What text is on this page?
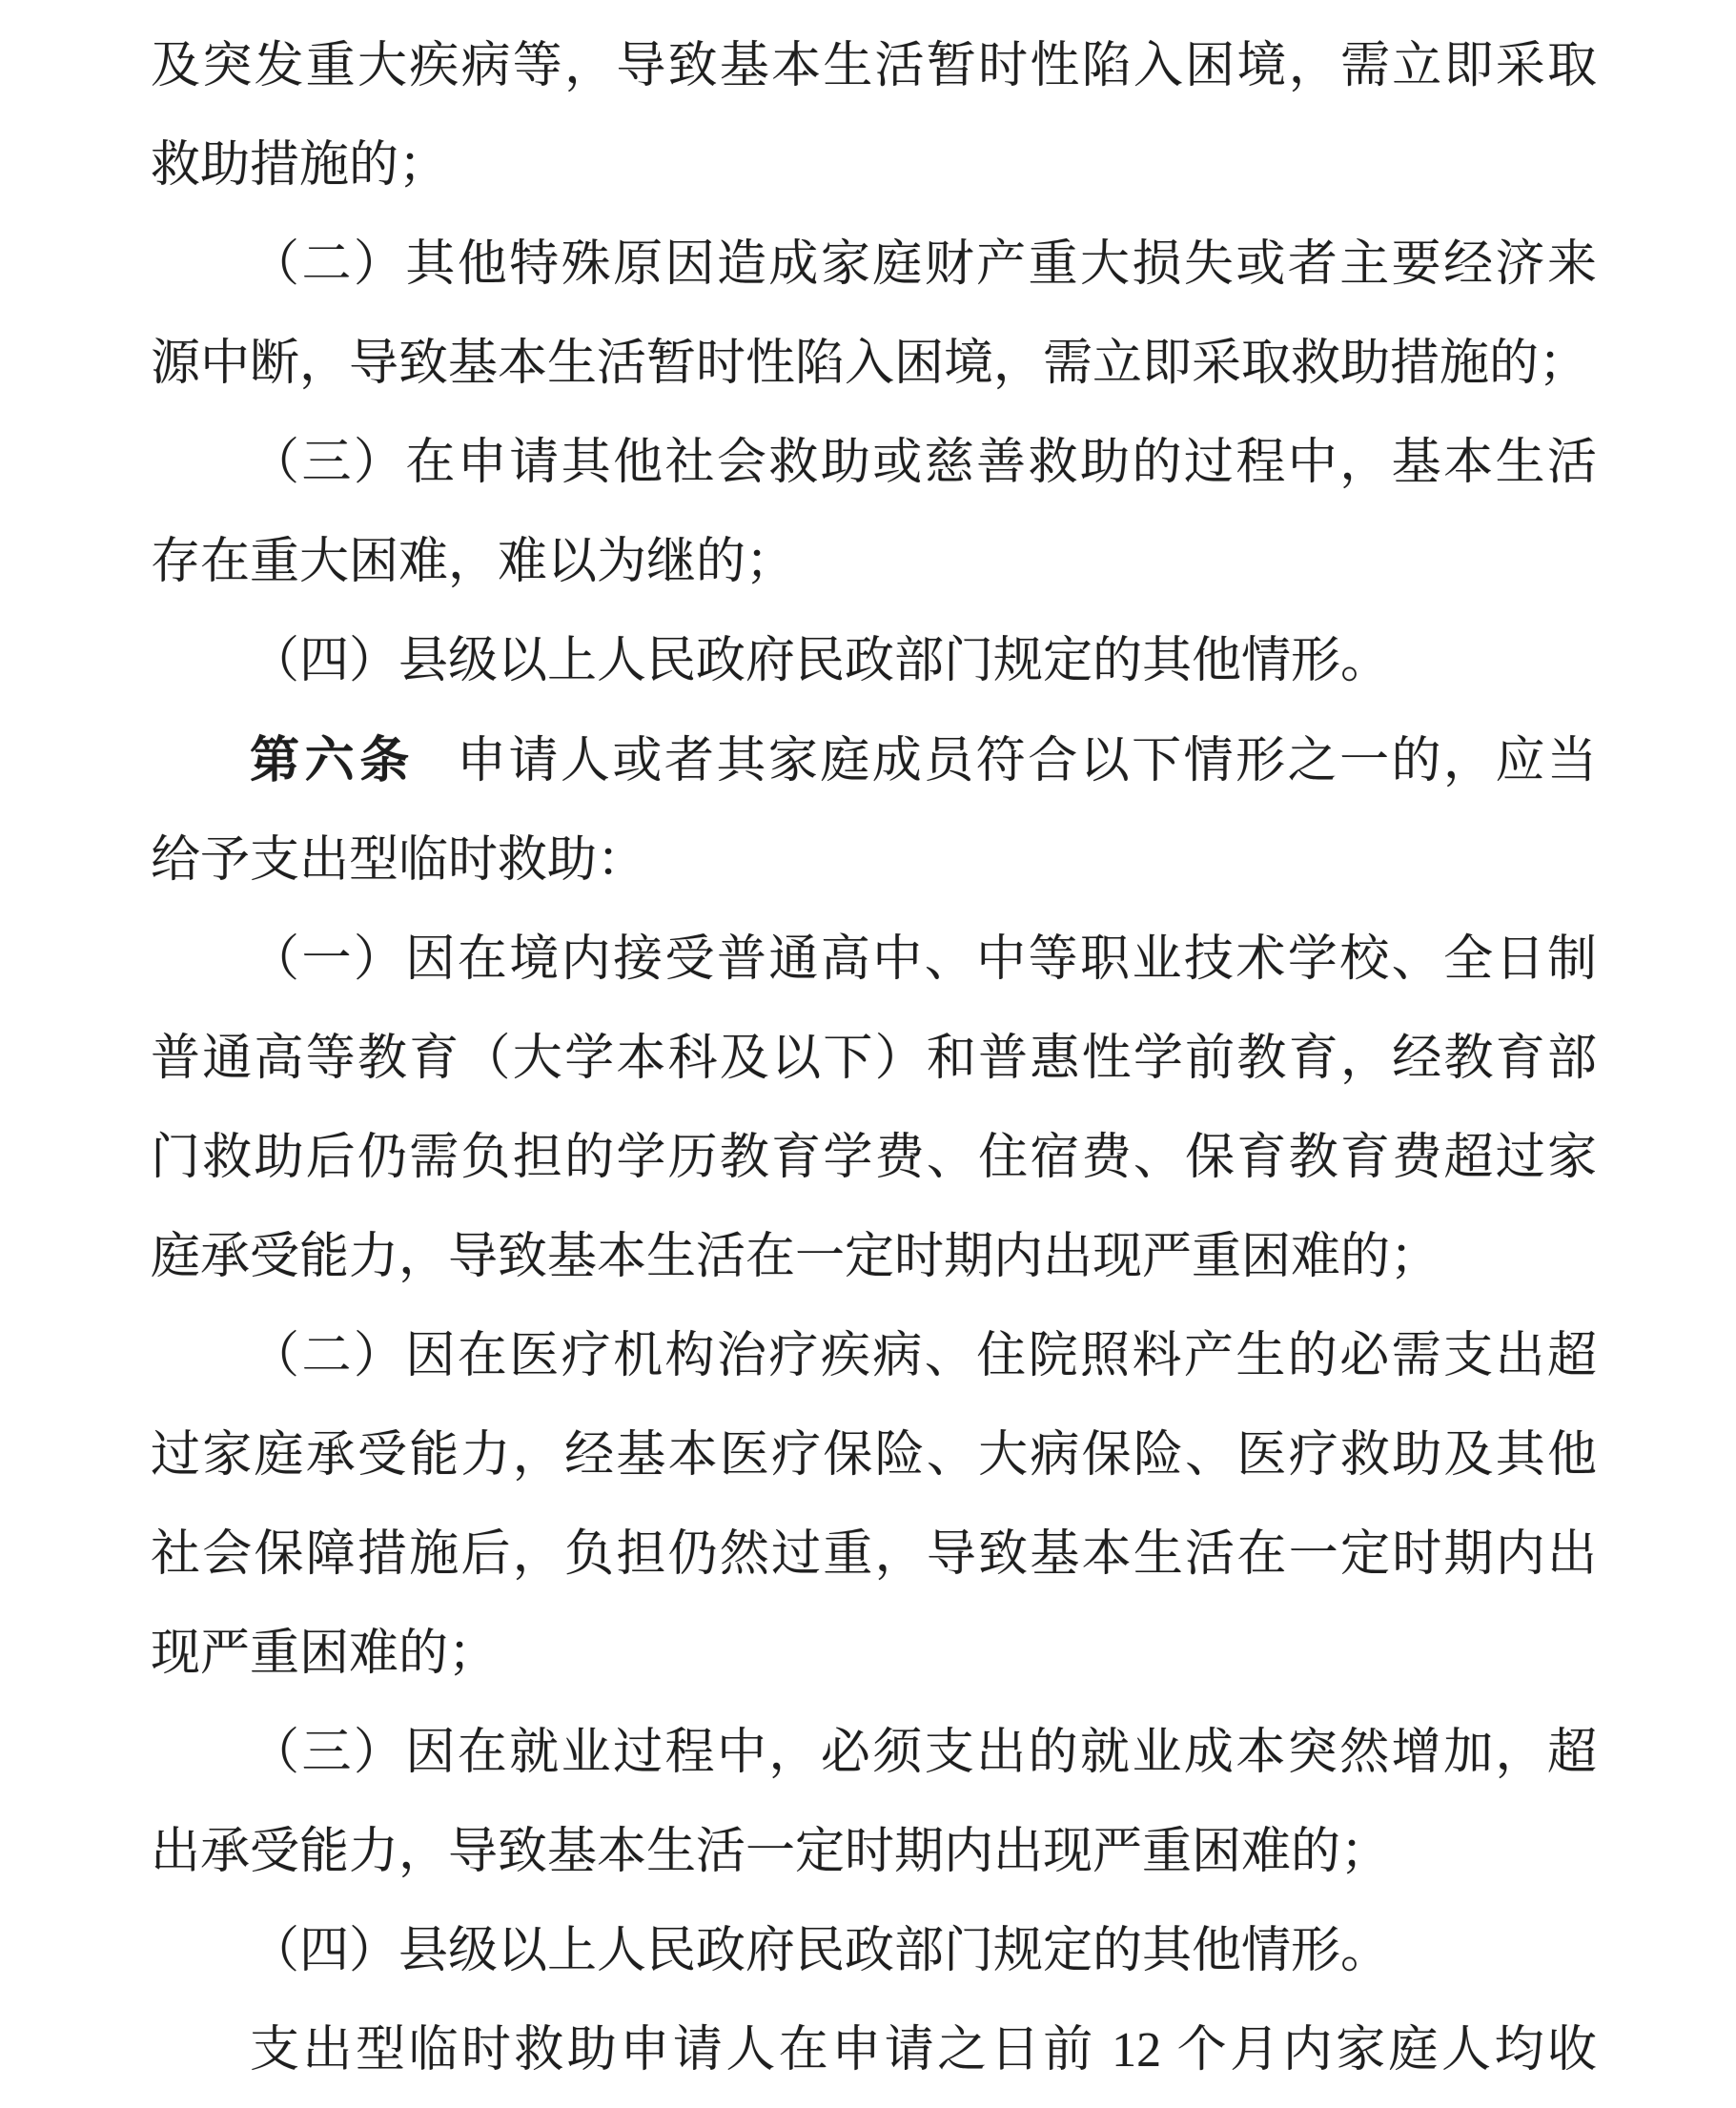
及突发重大疾病等，导致基本生活暂时性陷入困境，需立即采取
救助措施的；
（二）其他特殊原因造成家庭财产重大损失或者主要经济来
源中断，导致基本生活暂时性陷入困境，需立即采取救助措施的；
（三）在申请其他社会救助或慈善救助的过程中，基本生活
存在重大困难，难以为继的；
（四）县级以上人民政府民政部门规定的其他情形。
第六条 申请人或者其家庭成员符合以下情形之一的，应当
给予支出型临时救助：
（一）因在境内接受普通高中、中等职业技术学校、全日制
普通高等教育（大学本科及以下）和普惠性学前教育，经教育部
门救助后仍需负担的学历教育学费、住宿费、保育教育费超过家
庭承受能力，导致基本生活在一定时期内出现严重困难的；
（二）因在医疗机构治疗疾病、住院照料产生的必需支出超
过家庭承受能力，经基本医疗保险、大病保险、医疗救助及其他
社会保障措施后，负担仍然过重，导致基本生活在一定时期内出
现严重困难的；
（三）因在就业过程中，必须支出的就业成本突然增加，超
出承受能力，导致基本生活一定时期内出现严重困难的；
（四）县级以上人民政府民政部门规定的其他情形。
支出型临时救助申请人在申请之日前 12 个月内家庭人均收
